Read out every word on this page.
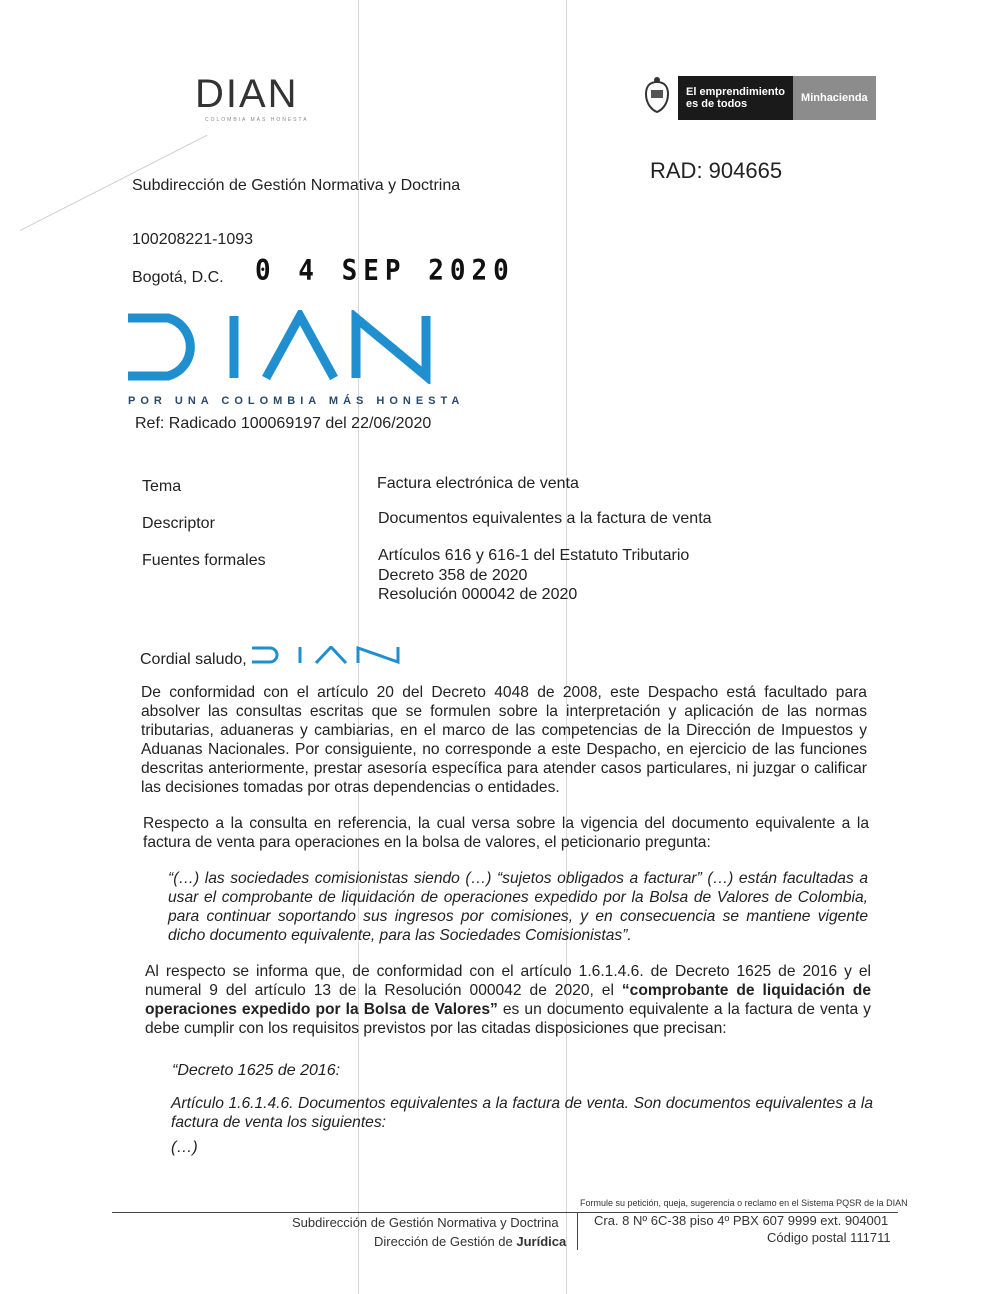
DIAN
COLOMBIA MÁS HONESTA
El emprendimiento
es de todos	Minhacienda
RAD: 904665
Subdirección de Gestión Normativa y Doctrina
100208221-1093
Bogotá, D.C. 0 4 SEP 2020
POR UNA COLOMBIA MÁS HONESTA
Ref: Radicado 100069197 del 22/06/2020
Tema	Factura electrónica de venta
Descriptor	Documentos equivalentes a la factura de venta
Fuentes formales	Artículos 616 y 616-1 del Estatuto Tributario
Decreto 358 de 2020
Resolución 000042 de 2020
Cordial saludo,
De conformidad con el artículo 20 del Decreto 4048 de 2008, este Despacho está facultado para absolver las consultas escritas que se formulen sobre la interpretación y aplicación de las normas tributarias, aduaneras y cambiarias, en el marco de las competencias de la Dirección de Impuestos y Aduanas Nacionales. Por consiguiente, no corresponde a este Despacho, en ejercicio de las funciones descritas anteriormente, prestar asesoría específica para atender casos particulares, ni juzgar o calificar las decisiones tomadas por otras dependencias o entidades.
Respecto a la consulta en referencia, la cual versa sobre la vigencia del documento equivalente a la factura de venta para operaciones en la bolsa de valores, el peticionario pregunta:
“(…) las sociedades comisionistas siendo (…) “sujetos obligados a facturar” (…) están facultadas a usar el comprobante de liquidación de operaciones expedido por la Bolsa de Valores de Colombia, para continuar soportando sus ingresos por comisiones, y en consecuencia se mantiene vigente dicho documento equivalente, para las Sociedades Comisionistas”.
Al respecto se informa que, de conformidad con el artículo 1.6.1.4.6. de Decreto 1625 de 2016 y el numeral 9 del artículo 13 de la Resolución 000042 de 2020, el “comprobante de liquidación de operaciones expedido por la Bolsa de Valores” es un documento equivalente a la factura de venta y debe cumplir con los requisitos previstos por las citadas disposiciones que precisan:
“Decreto 1625 de 2016:
Artículo 1.6.1.4.6. Documentos equivalentes a la factura de venta. Son documentos equivalentes a la factura de venta los siguientes:
(…)
Formule su petición, queja, sugerencia o reclamo en el Sistema PQSR de la DIAN
Subdirección de Gestión Normativa y Doctrina
Dirección de Gestión de Jurídica
Cra. 8 Nº 6C-38 piso 4º PBX 607 9999 ext. 904001
Código postal 111711
